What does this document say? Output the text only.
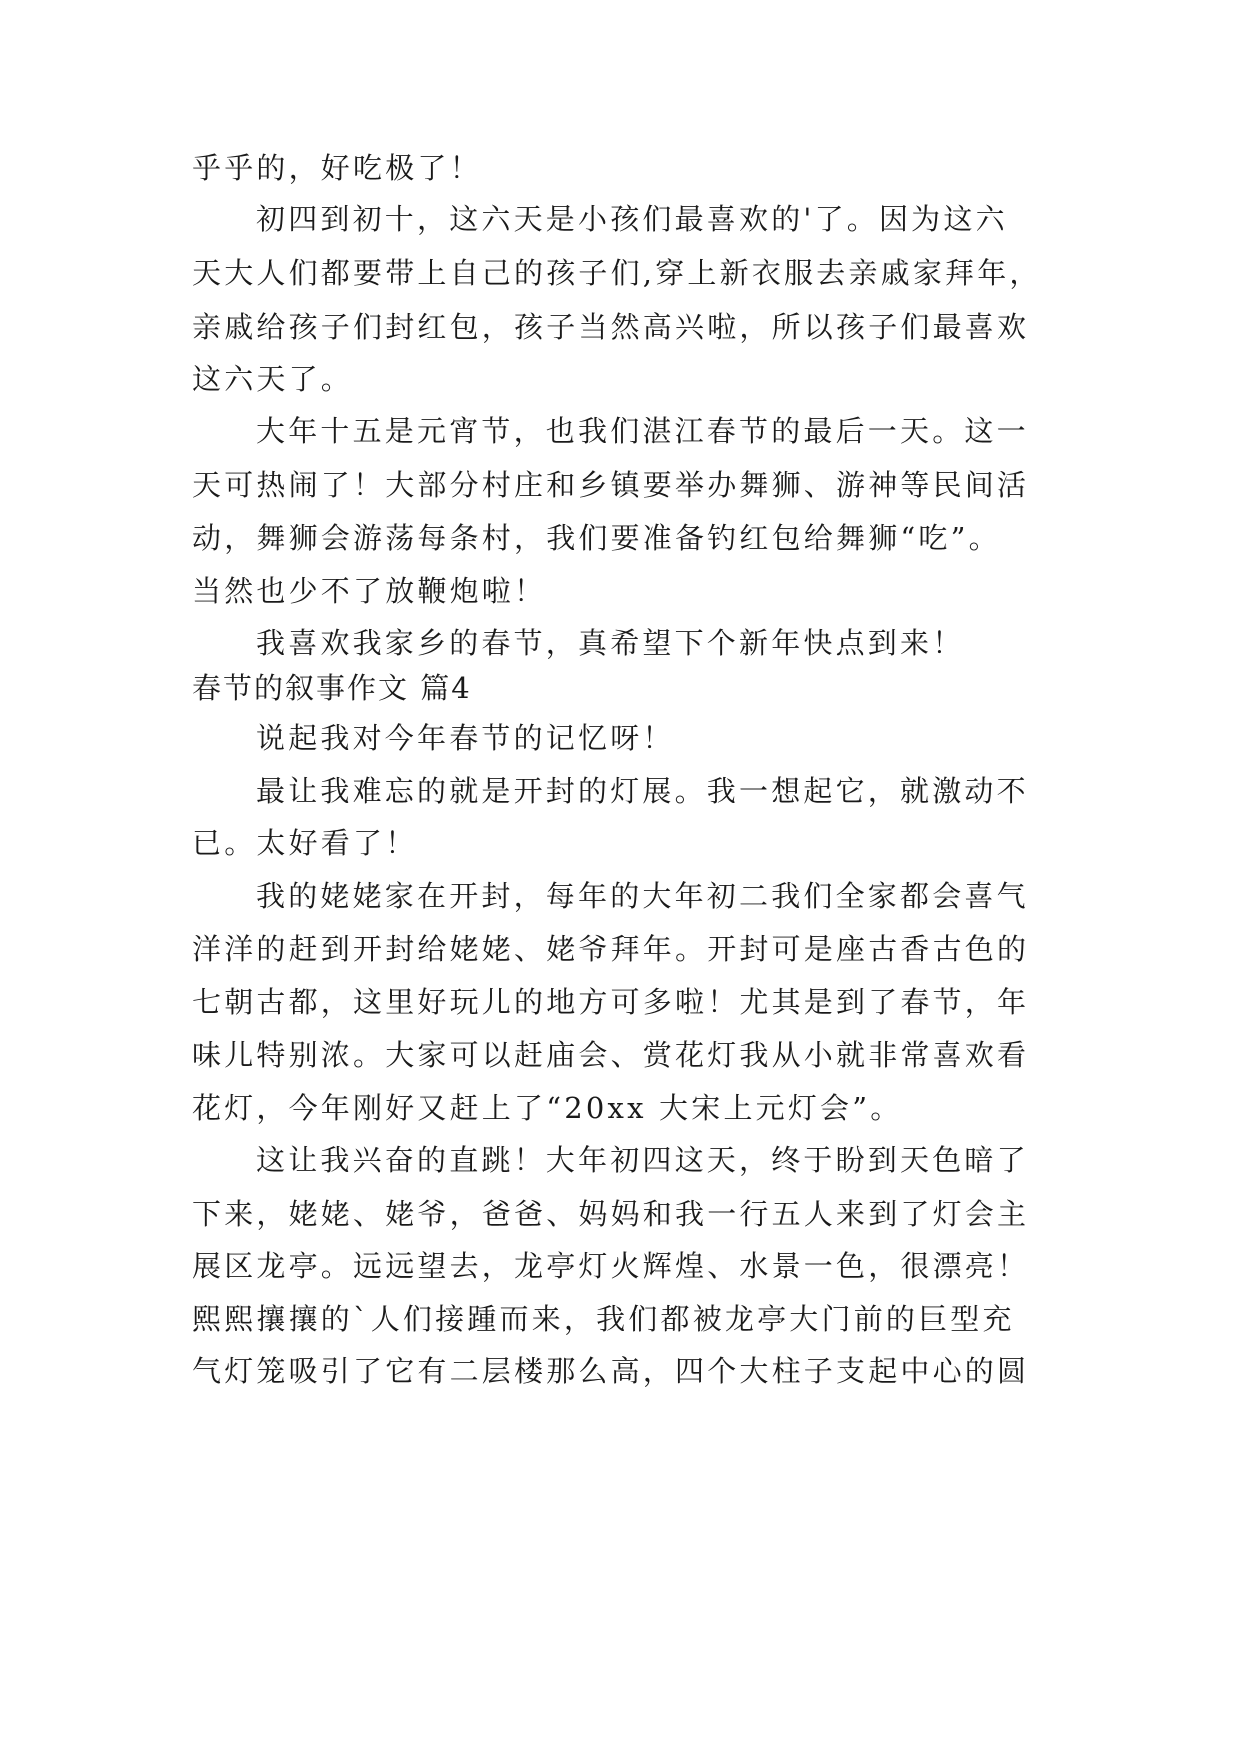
乎乎的，好吃极了！
初四到初十，这六天是小孩们最喜欢的'了。因为这六
天大人们都要带上自己的孩子们,穿上新衣服去亲戚家拜年，
亲戚给孩子们封红包，孩子当然高兴啦，所以孩子们最喜欢
这六天了。
大年十五是元宵节，也我们湛江春节的最后一天。这一
天可热闹了！大部分村庄和乡镇要举办舞狮、游神等民间活
动，舞狮会游荡每条村，我们要准备钓红包给舞狮“吃”。
当然也少不了放鞭炮啦！
我喜欢我家乡的春节，真希望下个新年快点到来！
春节的叙事作文 篇4
说起我对今年春节的记忆呀！
最让我难忘的就是开封的灯展。我一想起它，就激动不
已。太好看了！
我的姥姥家在开封，每年的大年初二我们全家都会喜气
洋洋的赶到开封给姥姥、姥爷拜年。开封可是座古香古色的
七朝古都，这里好玩儿的地方可多啦！尤其是到了春节，年
味儿特别浓。大家可以赶庙会、赏花灯我从小就非常喜欢看
花灯，今年刚好又赶上了“20xx 大宋上元灯会”。
这让我兴奋的直跳！大年初四这天，终于盼到天色暗了
下来，姥姥、姥爷，爸爸、妈妈和我一行五人来到了灯会主
展区龙亭。远远望去，龙亭灯火辉煌、水景一色，很漂亮！
熙熙攘攘的`人们接踵而来，我们都被龙亭大门前的巨型充
气灯笼吸引了它有二层楼那么高，四个大柱子支起中心的圆
